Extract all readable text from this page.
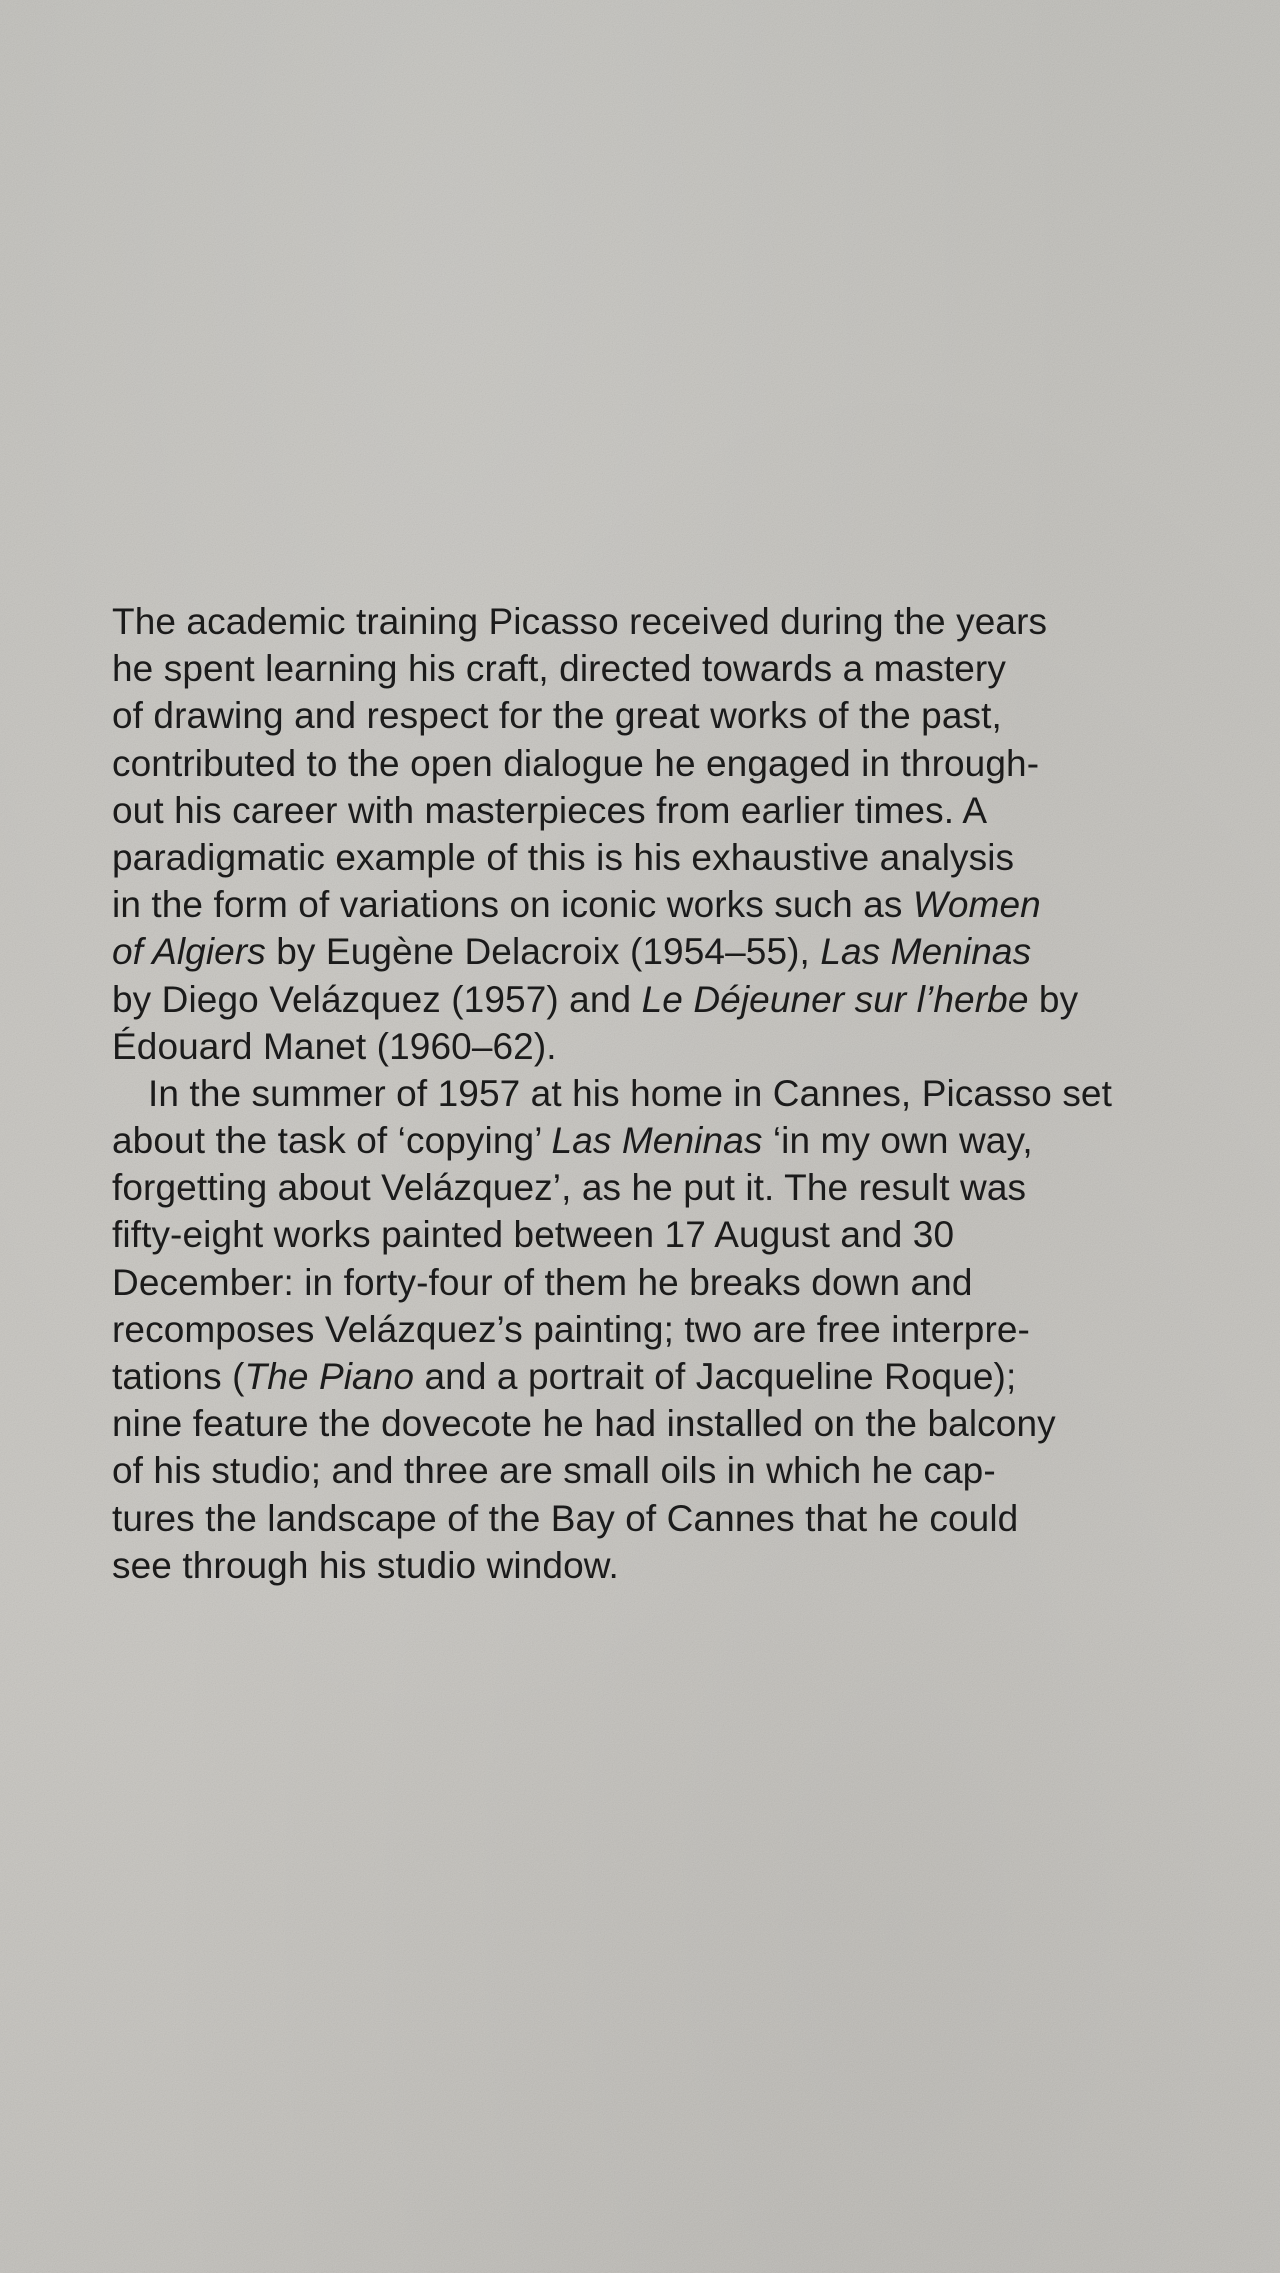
The academic training Picasso received during the years
he spent learning his craft, directed towards a mastery
of drawing and respect for the great works of the past,
contributed to the open dialogue he engaged in through-
out his career with masterpieces from earlier times. A
paradigmatic example of this is his exhaustive analysis
in the form of variations on iconic works such as Women
of Algiers by Eugène Delacroix (1954–55), Las Meninas
by Diego Velázquez (1957) and Le Déjeuner sur l’herbe by
Édouard Manet (1960–62).
In the summer of 1957 at his home in Cannes, Picasso set
about the task of ‘copying’ Las Meninas ‘in my own way,
forgetting about Velázquez’, as he put it. The result was
fifty-eight works painted between 17 August and 30
December: in forty-four of them he breaks down and
recomposes Velázquez’s painting; two are free interpre-
tations (The Piano and a portrait of Jacqueline Roque);
nine feature the dovecote he had installed on the balcony
of his studio; and three are small oils in which he cap-
tures the landscape of the Bay of Cannes that he could
see through his studio window.
